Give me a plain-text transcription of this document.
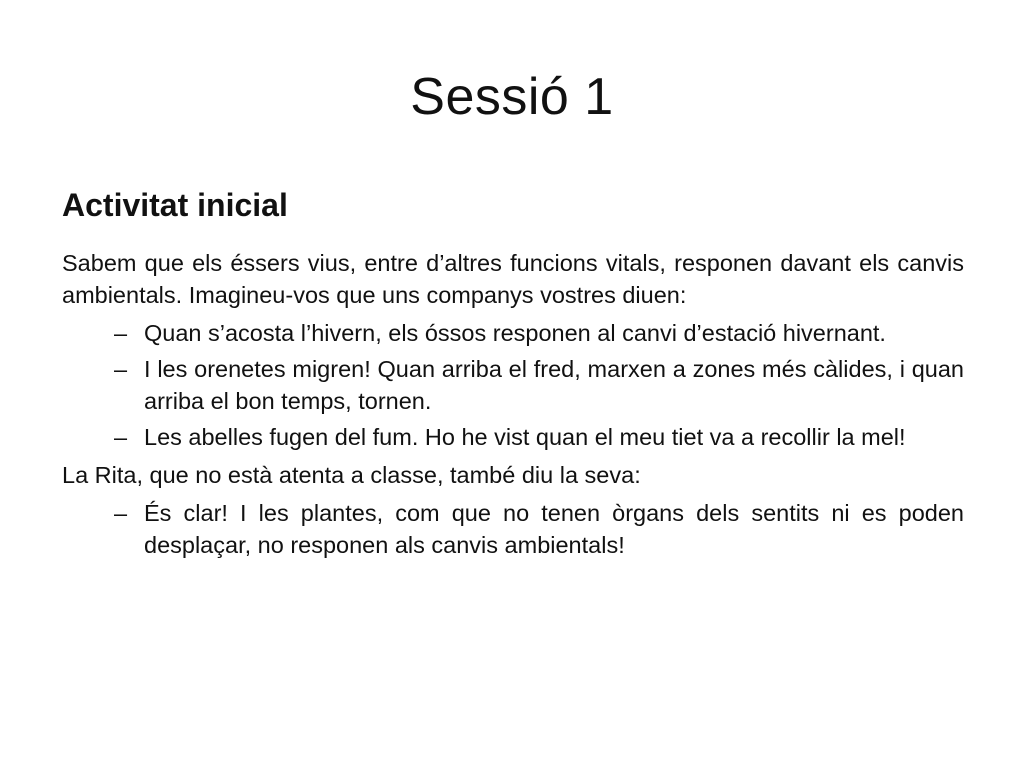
Sessió 1
Activitat inicial
Sabem que els éssers vius, entre d’altres funcions vitals, responen davant els canvis ambientals. Imagineu-vos que uns companys vostres diuen:
– Quan s’acosta l’hivern, els óssos responen al canvi d’estació hivernant.
– I les orenetes migren! Quan arriba el fred, marxen a zones més càlides, i quan arriba el bon temps, tornen.
– Les abelles fugen del fum. Ho he vist quan el meu tiet va a recollir la mel!
La Rita, que no està atenta a classe, també diu la seva:
– És clar! I les plantes, com que no tenen òrgans dels sentits ni es poden desplaçar, no responen als canvis ambientals!
